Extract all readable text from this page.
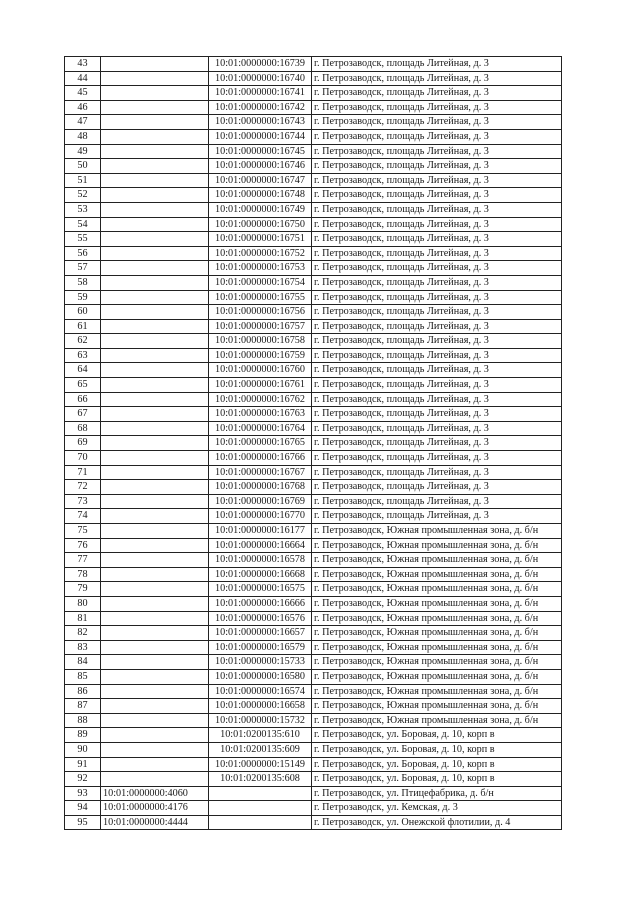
43		10:01:0000000:16739	г. Петрозаводск, площадь Литейная, д. 3
44		10:01:0000000:16740	г. Петрозаводск, площадь Литейная, д. 3
45		10:01:0000000:16741	г. Петрозаводск, площадь Литейная, д. 3
46		10:01:0000000:16742	г. Петрозаводск, площадь Литейная, д. 3
47		10:01:0000000:16743	г. Петрозаводск, площадь Литейная, д. 3
48		10:01:0000000:16744	г. Петрозаводск, площадь Литейная, д. 3
49		10:01:0000000:16745	г. Петрозаводск, площадь Литейная, д. 3
50		10:01:0000000:16746	г. Петрозаводск, площадь Литейная, д. 3
51		10:01:0000000:16747	г. Петрозаводск, площадь Литейная, д. 3
52		10:01:0000000:16748	г. Петрозаводск, площадь Литейная, д. 3
53		10:01:0000000:16749	г. Петрозаводск, площадь Литейная, д. 3
54		10:01:0000000:16750	г. Петрозаводск, площадь Литейная, д. 3
55		10:01:0000000:16751	г. Петрозаводск, площадь Литейная, д. 3
56		10:01:0000000:16752	г. Петрозаводск, площадь Литейная, д. 3
57		10:01:0000000:16753	г. Петрозаводск, площадь Литейная, д. 3
58		10:01:0000000:16754	г. Петрозаводск, площадь Литейная, д. 3
59		10:01:0000000:16755	г. Петрозаводск, площадь Литейная, д. 3
60		10:01:0000000:16756	г. Петрозаводск, площадь Литейная, д. 3
61		10:01:0000000:16757	г. Петрозаводск, площадь Литейная, д. 3
62		10:01:0000000:16758	г. Петрозаводск, площадь Литейная, д. 3
63		10:01:0000000:16759	г. Петрозаводск, площадь Литейная, д. 3
64		10:01:0000000:16760	г. Петрозаводск, площадь Литейная, д. 3
65		10:01:0000000:16761	г. Петрозаводск, площадь Литейная, д. 3
66		10:01:0000000:16762	г. Петрозаводск, площадь Литейная, д. 3
67		10:01:0000000:16763	г. Петрозаводск, площадь Литейная, д. 3
68		10:01:0000000:16764	г. Петрозаводск, площадь Литейная, д. 3
69		10:01:0000000:16765	г. Петрозаводск, площадь Литейная, д. 3
70		10:01:0000000:16766	г. Петрозаводск, площадь Литейная, д. 3
71		10:01:0000000:16767	г. Петрозаводск, площадь Литейная, д. 3
72		10:01:0000000:16768	г. Петрозаводск, площадь Литейная, д. 3
73		10:01:0000000:16769	г. Петрозаводск, площадь Литейная, д. 3
74		10:01:0000000:16770	г. Петрозаводск, площадь Литейная, д. 3
75		10:01:0000000:16177	г. Петрозаводск, Южная промышленная зона, д. б/н
76		10:01:0000000:16664	г. Петрозаводск, Южная промышленная зона, д. б/н
77		10:01:0000000:16578	г. Петрозаводск, Южная промышленная зона, д. б/н
78		10:01:0000000:16668	г. Петрозаводск, Южная промышленная зона, д. б/н
79		10:01:0000000:16575	г. Петрозаводск, Южная промышленная зона, д. б/н
80		10:01:0000000:16666	г. Петрозаводск, Южная промышленная зона, д. б/н
81		10:01:0000000:16576	г. Петрозаводск, Южная промышленная зона, д. б/н
82		10:01:0000000:16657	г. Петрозаводск, Южная промышленная зона, д. б/н
83		10:01:0000000:16579	г. Петрозаводск, Южная промышленная зона, д. б/н
84		10:01:0000000:15733	г. Петрозаводск, Южная промышленная зона, д. б/н
85		10:01:0000000:16580	г. Петрозаводск, Южная промышленная зона, д. б/н
86		10:01:0000000:16574	г. Петрозаводск, Южная промышленная зона, д. б/н
87		10:01:0000000:16658	г. Петрозаводск, Южная промышленная зона, д. б/н
88		10:01:0000000:15732	г. Петрозаводск, Южная промышленная зона, д. б/н
89		10:01:0200135:610	г. Петрозаводск, ул. Боровая, д. 10, корп в
90		10:01:0200135:609	г. Петрозаводск, ул. Боровая, д. 10, корп в
91		10:01:0000000:15149	г. Петрозаводск, ул. Боровая, д. 10, корп в
92		10:01:0200135:608	г. Петрозаводск, ул. Боровая, д. 10, корп в
93	10:01:0000000:4060		г. Петрозаводск, ул. Птицефабрика, д. б/н
94	10:01:0000000:4176		г. Петрозаводск, ул. Кемская, д. 3
95	10:01:0000000:4444		г. Петрозаводск, ул. Онежской флотилии, д. 4
